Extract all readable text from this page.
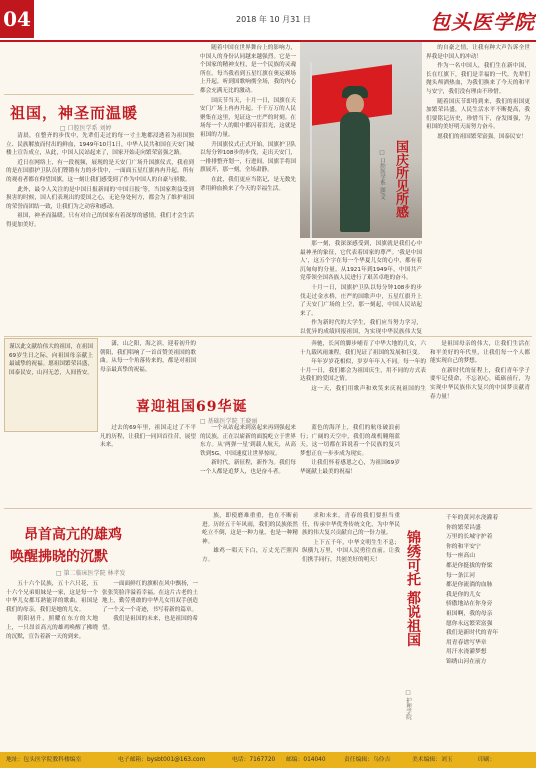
04	2018 年 10 月31 日	包头医学院
祖国，神圣而温暖
□ 口腔医学系 刘婷

清晨，在整齐的步伐中，先辈们走过的每一寸土地都浸透着为祖国独立、民族解放而付出的鲜血，1949年10月1日，中华人民共和国在天安门城楼上宣告成立，从此，中国人民站起来了，国家开始走向繁荣富强之路。

近日在网络上，有一段视频，展现的是天安门广场升国旗仪式，我看到的是在国旗护卫队员们铿锵有力的步伐中，一面面五星红旗冉冉升起，所有的观看者都在仰望国旗，这一刻让我们感受到了作为中国人的自豪与骄傲。

此外，最令人关注的是中国日报新闻的‘中国日报’等，当国家利益受到损害的时候，国人们表现出的爱国之心，无论身处何方，都会为了维护祖国的荣誉而团结一致，让我们为之动容和感动。

祖国，神圣而温暖。只有对自己的国家有着深厚的感情，我们才会生活得更加美好。

随着中国在世界舞台上的影响力，中国人的身份认同越来越强烈。它是一个国家的精神支柱，是一个民族的灵魂所在。每当我看到五星红旗在奥运赛场上升起，听到国歌响彻全场，我的内心都会充满无比的激动。

国庆节当天，十月一日，国旗在天安门广场上冉冉升起。千千万万的人民聚集在这里，见证这一庄严的时刻。在场每一个人的眼中都闪着泪光，这就是祖国的力量。

升国旗仪式正式开始，国旗护卫队以每分钟108步的步伐，走出天安门，一排排整齐划一，行进间，国旗手将国旗展开，那一刻，全场肃静。

在此，我们更应当铭记，是无数先辈用鲜血换来了今天的幸福生活。	国庆所见所感
□ 口腔医学系 图/文

那一刻，我深深感受到，国旗就是我们心中最神圣的象征，它代表着国家的尊严。‘我是中国人’，这五个字在每一个华夏儿女的心中，都有着沉甸甸的分量。从1921年到1949年，中国共产党带领全国各族人民进行了艰苦卓绝的奋斗。

十月一日，国旗护卫队以每分钟108步的步伐走过金水桥，庄严的国歌声中，五星红旗升上了天安门广场的上空，那一刻起，中国人民站起来了。

作为新时代的大学生，我们应当努力学习，以优异的成绩回报祖国，为实现中华民族伟大复

的自豪之情，让我有种大声告诉全世界我是中国人的冲动！

作为一名中国人，我们生在新中国，长在红旗下，我们是幸福的一代。先辈们抛头颅洒热血，为我们换来了今天的和平与安宁，我们没有理由不珍惜。

随着国庆节即将到来，我们的祖国更加繁荣昌盛，人民生活水平不断提高，我们要铭记历史，珍惜当下，奋发图强，为祖国的美好明天而努力奋斗。

愿我们的祖国繁荣富强，国泰民安！

谨以此文献给伟大的祖国，在祖国69岁生日之际，向祖国母亲献上最诚挚的祝福。愿祖国繁荣昌盛，国泰民安，山河无恙，人间皆安。
喜迎祖国69华诞
□ 基础医学院 王晓丽

潇，山之阳，海之滨，迎着初升的朝阳，我们唱响了一首首赞美祖国的歌曲。从每一个角落传来的，都是对祖国母亲最真挚的祝福。

过去的69年里，祖国走过了不平凡的历程，让我们一同回首往昔，展望未来。

一个从站起来到富起来再到强起来的民族，正在以崭新的面貌屹立于世界东方。从‘两弹一星’到载人航天，从高铁到5G，中国速度让世界惊叹。

新时代，新征程，新作为。我们每一个人都是追梦人，也是奋斗者。

蓝色的海洋上，我们的航母破浪前行；广阔的天空中，我们的战机翱翔蓝天。这一切都在诉说着一个民族的复兴梦想正在一步步成为现实。

让我们怀着感恩之心，为祖国69岁华诞献上最美的祝福！

奔驰，长河的脚步哺育了中华大地的儿女，六十九载风雨兼程，我们见证了祖国的发展和巨变。

年年岁岁花相似，岁岁年年人不同。每一年的十月一日，我们都会为祖国庆生，用不同的方式表达我们的爱国之情。

这一天，我们用歌声和欢笑来庆祝祖国的生

是祖国母亲的伟大，让我们生活在和平美好的年代里，让我们每一个人都能实现自己的梦想。

在新时代的征程上，我们青年学子要牢记使命，不忘初心，砥砺前行，为实现中华民族伟大复兴的中国梦贡献青春力量！

昂首高亢的雄鸡
唤醒拂晓的沉默
□ 第二临床医学院 林孝发

五十六个民族，五十六只花，五十六个兄弟姐妹是一家，这是每一个中华儿女都耳熟能详的歌曲。祖国是我们的母亲，我们是她的儿女。

朝阳初升，照耀在东方的大地上，一只昂首高亢的雄鸡唤醒了拂晓的沉默，宣告着新一天的到来。

一面面鲜红的旗帜在风中飘扬，一张张笑脸洋溢着幸福。在这片古老的土地上，勤劳勇敢的中华儿女用双手创造了一个又一个奇迹，书写着新的篇章。

我们是祖国的未来，也是祖国的希望。

族，即使磨难重重，也在不断前进。历经五千年风雨，我们的民族依然屹立不倒，这是一种力量，也是一种精神。

雄鸡一唱天下白，万丈光芒照四方。

求和未来。青春的我们要担当重任，传承中华优秀传统文化，为中华民族的伟大复兴贡献自己的一份力量。

上下五千年，中华文明生生不息；纵横九万里，中国人民勇往直前。让我们携手同行，共创美好的明天！	锦绣可托 都说祖国
□ 护理学院
千年的黄河水浇灌着
你的繁荣昌盛
万里的长城守护着
你的和平安宁
每一座高山
都是你挺拔的脊梁
每一条江河
都是你流淌的血脉
我是你的儿女
骄傲地站在你身旁
祖国啊，我的母亲
愿你永远繁荣富强
我们是新时代的青年
用青春谱写华章
用汗水浇灌梦想
锦绣山河在前方
地址：包头医学院教科楼编室	电子邮箱：bysbt001@163.com	电话：7167720 邮编：014040	责任编辑：乌伶吉	美术编辑：刘玉	印刷：
